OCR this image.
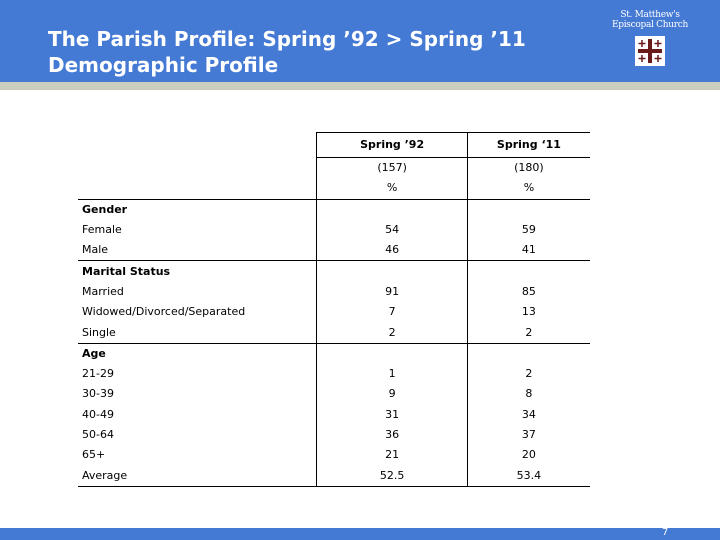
The Parish Profile: Spring ’92 > Spring ’11
Demographic Profile
St. Matthew's
Episcopal Church
	Spring ’92	Spring ‘11
	(157)	(180)
	%	%
Gender		
Female	54	59
Male	46	41
Marital Status		
Married	91	85
Widowed/Divorced/Separated	7	13
Single	2	2
Age		
21-29	1	2
30-39	9	8
40-49	31	34
50-64	36	37
65+	21	20
Average	52.5	53.4
7
